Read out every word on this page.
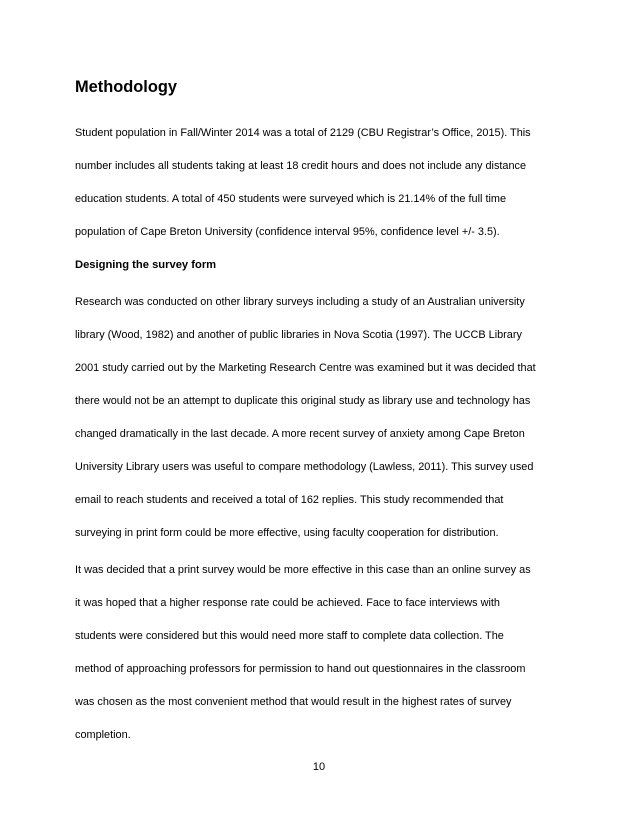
Methodology
Student population in Fall/Winter 2014 was a total of 2129 (CBU Registrar’s Office, 2015). This
number includes all students taking at least 18 credit hours and does not include any distance
education students. A total of 450 students were surveyed which is 21.14% of the full time
population of Cape Breton University (confidence interval 95%, confidence level +/- 3.5).
Designing the survey form
Research was conducted on other library surveys including a study of an Australian university
library (Wood, 1982) and another of public libraries in Nova Scotia (1997). The UCCB Library
2001 study carried out by the Marketing Research Centre was examined but it was decided that
there would not be an attempt to duplicate this original study as library use and technology has
changed dramatically in the last decade. A more recent survey of anxiety among Cape Breton
University Library users was useful to compare methodology (Lawless, 2011). This survey used
email to reach students and received a total of 162 replies. This study recommended that
surveying in print form could be more effective, using faculty cooperation for distribution.
It was decided that a print survey would be more effective in this case than an online survey as
it was hoped that a higher response rate could be achieved. Face to face interviews with
students were considered but this would need more staff to complete data collection. The
method of approaching professors for permission to hand out questionnaires in the classroom
was chosen as the most convenient method that would result in the highest rates of survey
completion.
10
